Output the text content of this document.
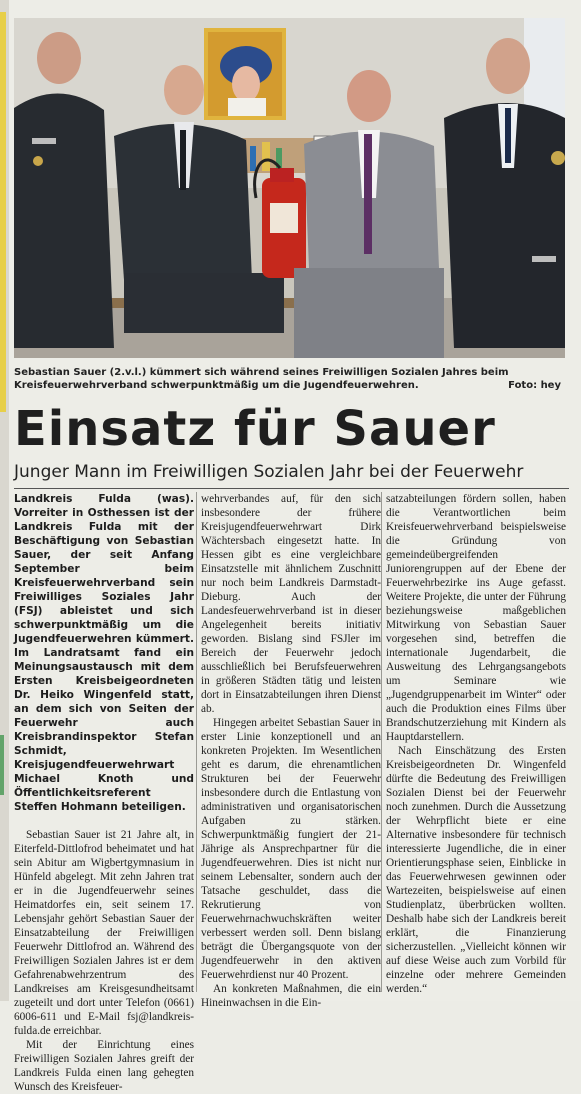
Sebastian Sauer (2.v.l.) kümmert sich während seines Freiwilligen Sozialen Jahres beim Kreisfeuerwehrverband schwerpunktmäßig um die Jugendfeuerwehren.	Foto: hey
Einsatz für Sauer
Junger Mann im Freiwilligen Sozialen Jahr bei der Feuerwehr

Landkreis Fulda (was). Vorreiter in Osthessen ist der Landkreis Fulda mit der Beschäftigung von Sebastian Sauer, der seit Anfang September beim Kreisfeuerwehrverband sein Freiwilliges Soziales Jahr (FSJ) ableistet und sich schwerpunktmäßig um die Jugendfeuerwehren kümmert. Im Landratsamt fand ein Meinungsaustausch mit dem Ersten Kreisbeigeordneten Dr. Heiko Wingenfeld statt, an dem sich von Seiten der Feuerwehr auch Kreisbrandinspektor Stefan Schmidt, Kreisjugendfeuerwehrwart Michael Knoth und Öffentlichkeitsreferent Steffen Hohmann beteiligen.

Sebastian Sauer ist 21 Jahre alt, in Eiterfeld-Dittlofrod beheimatet und hat sein Abitur am Wigbertgymnasium in Hünfeld abgelegt. Mit zehn Jahren trat er in die Jugendfeuerwehr seines Heimatdorfes ein, seit seinem 17. Lebensjahr gehört Sebastian Sauer der Einsatzabteilung der Freiwilligen Feuerwehr Dittlofrod an. Während des Freiwilligen Sozialen Jahres ist er dem Gefahrenabwehrzentrum des Landkreises am Kreisgesundheitsamt zugeteilt und dort unter Telefon (0661) 6006-611 und E-Mail fsj@landkreis-fulda.de erreichbar.

Mit der Einrichtung eines Freiwilligen Sozialen Jahres greift der Landkreis Fulda einen lang gehegten Wunsch des Kreisfeuer-

wehrverbandes auf, für den sich insbesondere der frühere Kreisjugendfeuerwehrwart Dirk Wächtersbach eingesetzt hatte. In Hessen gibt es eine vergleichbare Einsatzstelle mit ähnlichem Zuschnitt nur noch beim Landkreis Darmstadt-Dieburg. Auch der Landesfeuerwehrverband ist in dieser Angelegenheit bereits initiativ geworden. Bislang sind FSJler im Bereich der Feuerwehr jedoch ausschließlich bei Berufsfeuerwehren in größeren Städten tätig und leisten dort in Einsatzabteilungen ihren Dienst ab.

Hingegen arbeitet Sebastian Sauer in erster Linie konzeptionell und an konkreten Projekten. Im Wesentlichen geht es darum, die ehrenamtlichen Strukturen bei der Feuerwehr insbesondere durch die Entlastung von administrativen und organisatorischen Aufgaben zu stärken. Schwerpunktmäßig fungiert der 21-Jährige als Ansprechpartner für die Jugendfeuerwehren. Dies ist nicht nur seinem Lebensalter, sondern auch der Tatsache geschuldet, dass die Rekrutierung von Feuerwehrnachwuchskräften weiter verbessert werden soll. Denn bislang beträgt die Übergangsquote von der Jugendfeuerwehr in den aktiven Feuerwehrdienst nur 40 Prozent.

An konkreten Maßnahmen, die ein Hineinwachsen in die Ein-

satzabteilungen fördern sollen, haben die Verantwortlichen beim Kreisfeuerwehrverband beispielsweise die Gründung von gemeindeübergreifenden Juniorengruppen auf der Ebene der Feuerwehrbezirke ins Auge gefasst. Weitere Projekte, die unter der Führung beziehungsweise maßgeblichen Mitwirkung von Sebastian Sauer vorgesehen sind, betreffen die internationale Jugendarbeit, die Ausweitung des Lehrgangsangebots um Seminare wie „Jugendgruppenarbeit im Winter“ oder auch die Produktion eines Films über Brandschutzerziehung mit Kindern als Hauptdarstellern.

Nach Einschätzung des Ersten Kreisbeigeordneten Dr. Wingenfeld dürfte die Bedeutung des Freiwilligen Sozialen Dienst bei der Feuerwehr noch zunehmen. Durch die Aussetzung der Wehrpflicht biete er eine Alternative insbesondere für technisch interessierte Jugendliche, die in einer Orientierungsphase seien, Einblicke in das Feuerwehrwesen gewinnen oder Wartezeiten, beispielsweise auf einen Studienplatz, überbrücken wollten. Deshalb habe sich der Landkreis bereit erklärt, die Finanzierung sicherzustellen. „Vielleicht können wir auf diese Weise auch zum Vorbild für einzelne oder mehrere Gemeinden werden.“
